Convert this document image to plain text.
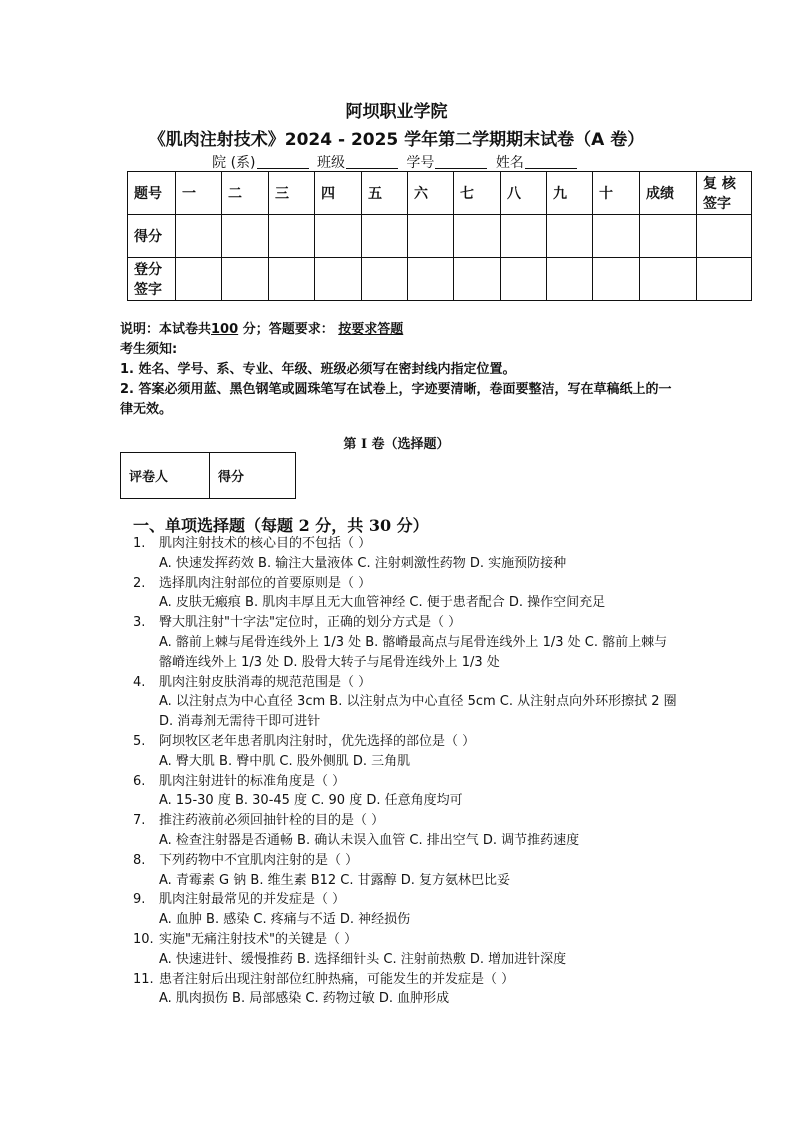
阿坝职业学院
《肌肉注射技术》2024 - 2025 学年第二学期期末试卷（A 卷）
院 (系)	班级	学号	姓名
题号	一	二	三	四	五	六	七	八	九	十	成绩	复 核 签字
得分												
登分 签字												
说明：本试卷共100 分；答题要求： 按要求答题
考生须知:
1. 姓名、学号、系、专业、年级、班级必须写在密封线内指定位置。
2. 答案必须用蓝、黑色钢笔或圆珠笔写在试卷上，字迹要清晰，卷面要整洁，写在草稿纸上的一律无效。
第 I 卷（选择题）
评卷人	得分
一、单项选择题（每题 2 分，共 30 分）
1.	肌肉注射技术的核心目的不包括（ ）
A. 快速发挥药效 B. 输注大量液体 C. 注射刺激性药物 D. 实施预防接种
2.	选择肌肉注射部位的首要原则是（ ）
A. 皮肤无瘢痕 B. 肌肉丰厚且无大血管神经 C. 便于患者配合 D. 操作空间充足
3.	臀大肌注射"十字法"定位时，正确的划分方式是（ ）
A. 髂前上棘与尾骨连线外上 1/3 处 B. 髂嵴最高点与尾骨连线外上 1/3 处 C. 髂前上棘与髂嵴连线外上 1/3 处 D. 股骨大转子与尾骨连线外上 1/3 处
4.	肌肉注射皮肤消毒的规范范围是（ ）
A. 以注射点为中心直径 3cm B. 以注射点为中心直径 5cm C. 从注射点向外环形擦拭 2 圈 D. 消毒剂无需待干即可进针
5.	阿坝牧区老年患者肌肉注射时，优先选择的部位是（ ）
A. 臀大肌 B. 臀中肌 C. 股外侧肌 D. 三角肌
6.	肌肉注射进针的标准角度是（ ）
A. 15-30 度 B. 30-45 度 C. 90 度 D. 任意角度均可
7.	推注药液前必须回抽针栓的目的是（ ）
A. 检查注射器是否通畅 B. 确认未误入血管 C. 排出空气 D. 调节推药速度
8.	下列药物中不宜肌肉注射的是（ ）
A. 青霉素 G 钠 B. 维生素 B12 C. 甘露醇 D. 复方氨林巴比妥
9.	肌肉注射最常见的并发症是（ ）
A. 血肿 B. 感染 C. 疼痛与不适 D. 神经损伤
10. 实施"无痛注射技术"的关键是（ ）
A. 快速进针、缓慢推药 B. 选择细针头 C. 注射前热敷 D. 增加进针深度
11. 患者注射后出现注射部位红肿热痛，可能发生的并发症是（ ）
A. 肌肉损伤 B. 局部感染 C. 药物过敏 D. 血肿形成
